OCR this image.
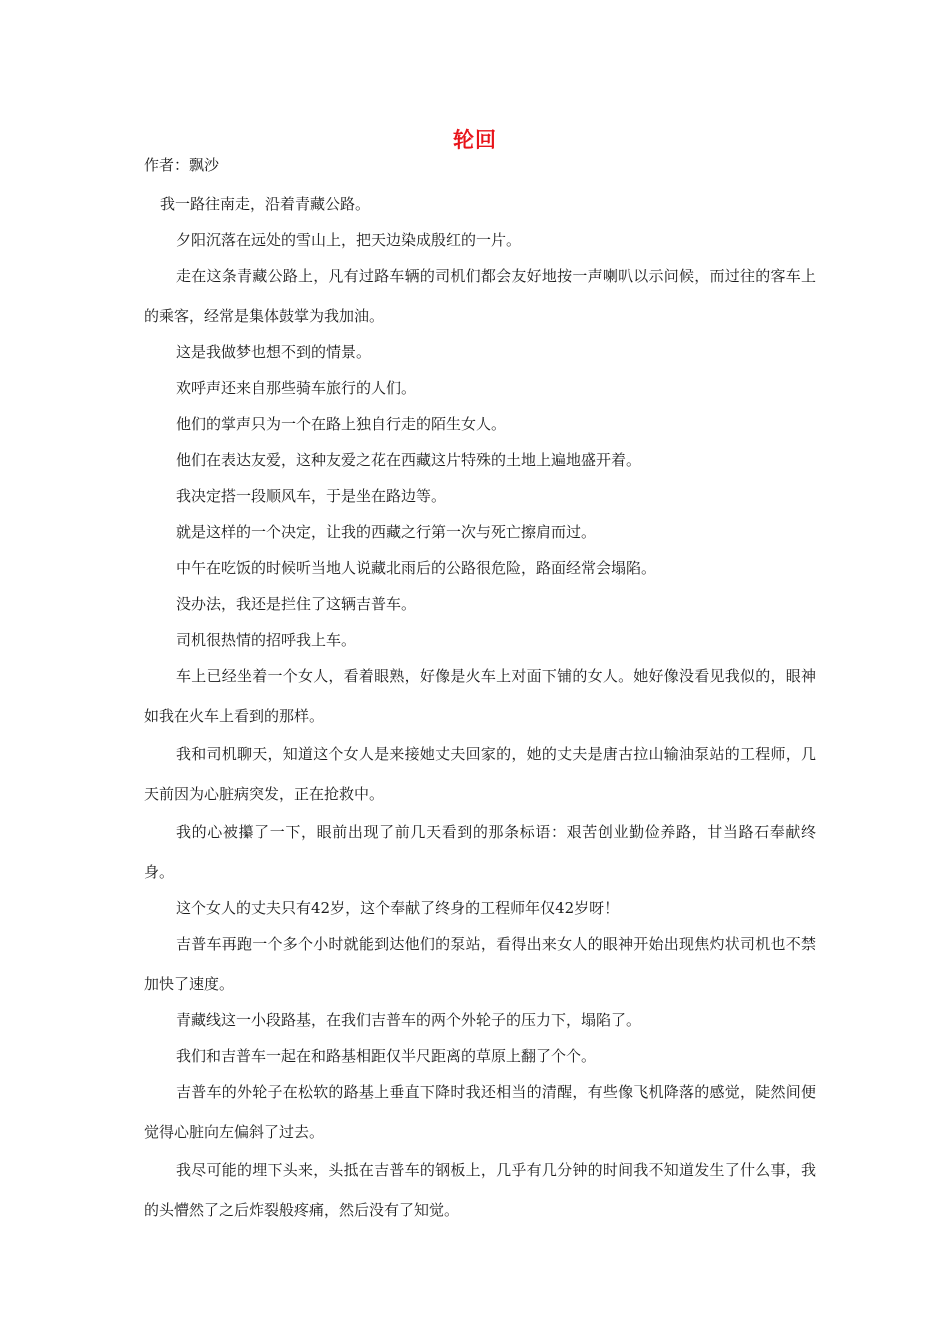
轮回
作者：飘沙

我一路往南走，沿着青藏公路。

夕阳沉落在远处的雪山上，把天边染成殷红的一片。

走在这条青藏公路上，凡有过路车辆的司机们都会友好地按一声喇叭以示问候，而过往的客车上的乘客，经常是集体鼓掌为我加油。

这是我做梦也想不到的情景。

欢呼声还来自那些骑车旅行的人们。

他们的掌声只为一个在路上独自行走的陌生女人。

他们在表达友爱，这种友爱之花在西藏这片特殊的土地上遍地盛开着。

我决定搭一段顺风车，于是坐在路边等。

就是这样的一个决定，让我的西藏之行第一次与死亡擦肩而过。

中午在吃饭的时候听当地人说藏北雨后的公路很危险，路面经常会塌陷。

没办法，我还是拦住了这辆吉普车。

司机很热情的招呼我上车。

车上已经坐着一个女人，看着眼熟，好像是火车上对面下铺的女人。她好像没看见我似的，眼神如我在火车上看到的那样。

我和司机聊天，知道这个女人是来接她丈夫回家的，她的丈夫是唐古拉山输油泵站的工程师，几天前因为心脏病突发，正在抢救中。

我的心被攥了一下，眼前出现了前几天看到的那条标语：艰苦创业勤俭养路，甘当路石奉献终身。

这个女人的丈夫只有42岁，这个奉献了终身的工程师年仅42岁呀！

吉普车再跑一个多个小时就能到达他们的泵站，看得出来女人的眼神开始出现焦灼状司机也不禁加快了速度。

青藏线这一小段路基，在我们吉普车的两个外轮子的压力下，塌陷了。

我们和吉普车一起在和路基相距仅半尺距离的草原上翻了个个。

吉普车的外轮子在松软的路基上垂直下降时我还相当的清醒，有些像飞机降落的感觉，陡然间便觉得心脏向左偏斜了过去。

我尽可能的埋下头来，头抵在吉普车的钢板上，几乎有几分钟的时间我不知道发生了什么事，我的头懵然了之后炸裂般疼痛，然后没有了知觉。
